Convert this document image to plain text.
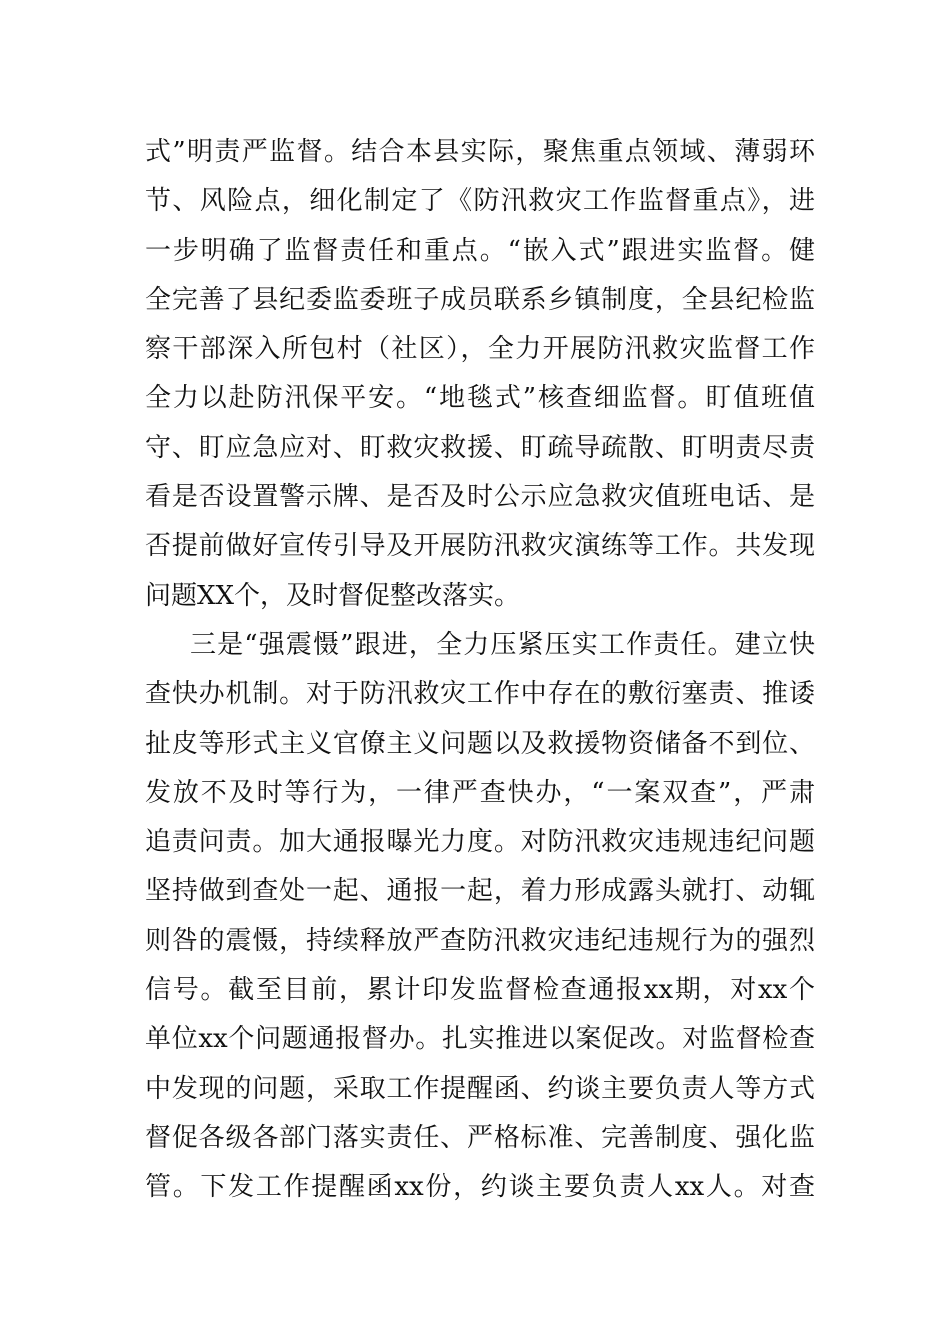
式”明责严监督。结合本县实际，聚焦重点领域、薄弱环
节、风险点，细化制定了《防汛救灾工作监督重点》，进
一步明确了监督责任和重点。“嵌入式”跟进实监督。健
全完善了县纪委监委班子成员联系乡镇制度，全县纪检监
察干部深入所包村（社区），全力开展防汛救灾监督工作
全力以赴防汛保平安。“地毯式”核查细监督。盯值班值
守、盯应急应对、盯救灾救援、盯疏导疏散、盯明责尽责
看是否设置警示牌、是否及时公示应急救灾值班电话、是
否提前做好宣传引导及开展防汛救灾演练等工作。共发现
问题XX个，及时督促整改落实。
三是“强震慑”跟进，全力压紧压实工作责任。建立快
查快办机制。对于防汛救灾工作中存在的敷衍塞责、推诿
扯皮等形式主义官僚主义问题以及救援物资储备不到位、
发放不及时等行为，一律严查快办，“一案双查”，严肃
追责问责。加大通报曝光力度。对防汛救灾违规违纪问题
坚持做到查处一起、通报一起，着力形成露头就打、动辄
则咎的震慑，持续释放严查防汛救灾违纪违规行为的强烈
信号。截至目前，累计印发监督检查通报xx期，对xx个
单位xx个问题通报督办。扎实推进以案促改。对监督检查
中发现的问题，采取工作提醒函、约谈主要负责人等方式
督促各级各部门落实责任、严格标准、完善制度、强化监
管。下发工作提醒函xx份，约谈主要负责人xx人。对查
